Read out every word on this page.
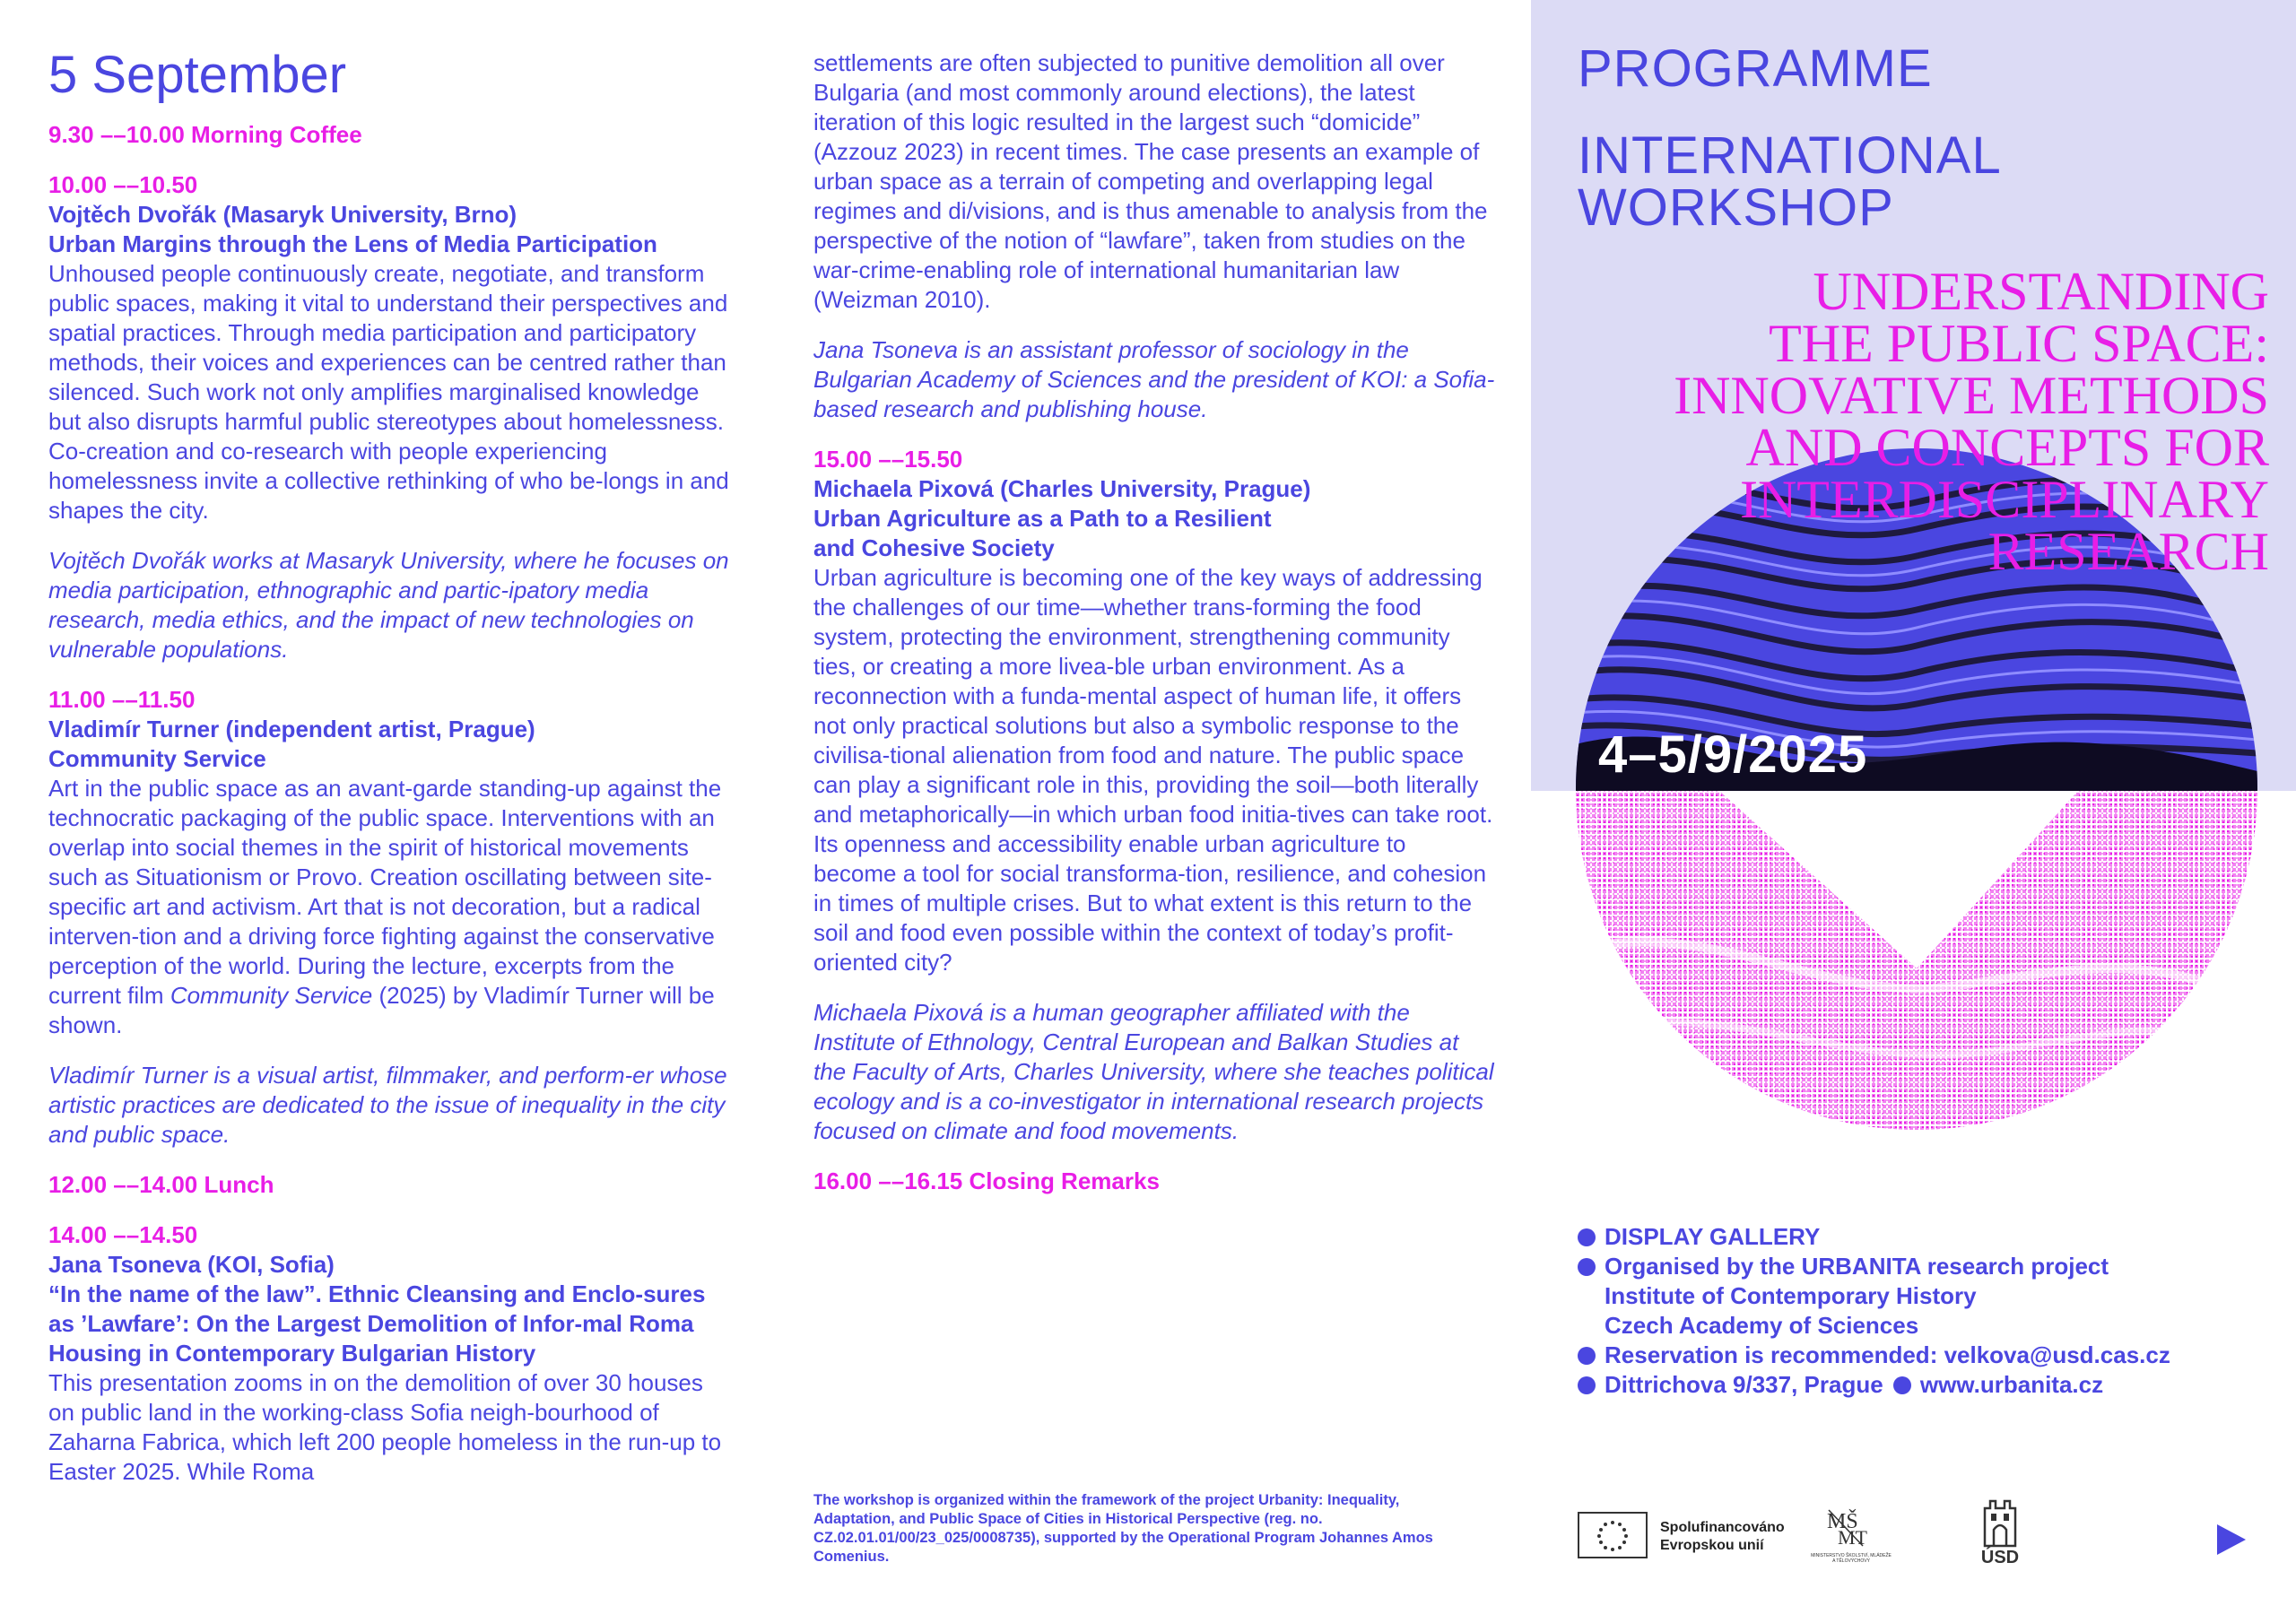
5 September

9.30 ––10.00 Morning Coffee

10.00 ––10.50

Vojtěch Dvořák (Masaryk University, Brno)

Urban Margins through the Lens of Media Participation

Unhoused people continuously create, negotiate, and transform public spaces, making it vital to understand their perspectives and spatial practices. Through media participation and participatory methods, their voices and experiences can be centred rather than silenced. Such work not only amplifies marginalised knowledge but also disrupts harmful public stereotypes about homelessness. Co-creation and co-research with people experiencing homelessness invite a collective rethinking of who be-longs in and shapes the city.

Vojtěch Dvořák works at Masaryk University, where he focuses on media participation, ethnographic and partic-ipatory media research, media ethics, and the impact of new technologies on vulnerable populations.

11.00 ––11.50

Vladimír Turner (independent artist, Prague)

Community Service

Art in the public space as an avant-garde standing-up against the technocratic packaging of the public space. Interventions with an overlap into social themes in the spirit of historical movements such as Situationism or Provo. Creation oscillating between site-specific art and activism. Art that is not decoration, but a radical interven-tion and a driving force fighting against the conservative perception of the world. During the lecture, excerpts from the current film Community Service (2025) by Vladimír Turner will be shown.

Vladimír Turner is a visual artist, filmmaker, and perform-er whose artistic practices are dedicated to the issue of inequality in the city and public space.

12.00 ––14.00 Lunch

14.00 ––14.50

Jana Tsoneva (KOI, Sofia)

“In the name of the law”. Ethnic Cleansing and Enclo-sures as ’Lawfare’: On the Largest Demolition of Infor-mal Roma Housing in Contemporary Bulgarian History

This presentation zooms in on the demolition of over 30 houses on public land in the working-class Sofia neigh-bourhood of Zaharna Fabrica, which left 200 people homeless in the run-up to Easter 2025. While Roma

settlements are often subjected to punitive demolition all over Bulgaria (and most commonly around elections), the latest iteration of this logic resulted in the largest such “domicide” (Azzouz 2023) in recent times. The case presents an example of urban space as a terrain of competing and overlapping legal regimes and di/visions, and is thus amenable to analysis from the perspective of the notion of “lawfare”, taken from studies on the war-crime-enabling role of international humanitarian law (Weizman 2010).

Jana Tsoneva is an assistant professor of sociology in the Bulgarian Academy of Sciences and the president of KOI: a Sofia-based research and publishing house.

15.00 ––15.50

Michaela Pixová (Charles University, Prague)

Urban Agriculture as a Path to a Resilient and Cohesive Society

Urban agriculture is becoming one of the key ways of addressing the challenges of our time—whether trans-forming the food system, protecting the environment, strengthening community ties, or creating a more livea-ble urban environment. As a reconnection with a funda-mental aspect of human life, it offers not only practical solutions but also a symbolic response to the civilisa-tional alienation from food and nature. The public space can play a significant role in this, providing the soil—both literally and metaphorically—in which urban food initia-tives can take root. Its openness and accessibility enable urban agriculture to become a tool for social transforma-tion, resilience, and cohesion in times of multiple crises. But to what extent is this return to the soil and food even possible within the context of today’s profit-oriented city?

Michaela Pixová is a human geographer affiliated with the Institute of Ethnology, Central European and Balkan Studies at the Faculty of Arts, Charles University, where she teaches political ecology and is a co-investigator in international research projects focused on climate and food movements.

16.00 ––16.15 Closing Remarks

The workshop is organized within the framework of the project Urbanity: Inequality, Adaptation, and Public Space of Cities in Historical Perspective (reg. no. CZ.02.01.01/00/23_025/0008735), supported by the Operational Program Johannes Amos Comenius.
PROGRAMME
INTERNATIONAL
WORKSHOP
UNDERSTANDING
THE PUBLIC SPACE:
INNOVATIVE METHODS
AND CONCEPTS FOR
INTERDISCIPLINARY
RESEARCH
4–5/9/2025

DISPLAY GALLERY

Organised by the URBANITA research project

Institute of Contemporary History

Czech Academy of Sciences

Reservation is recommended: velkova@usd.cas.cz

Dittrichova 9/337, Prague www.urbanita.cz

Spolufinancováno
Evropskou unií
MŠ
MT
MINISTERSTVO ŠKOLSTVÍ, MLÁDEŽE A TĚLOVÝCHOVY	ÚSD
